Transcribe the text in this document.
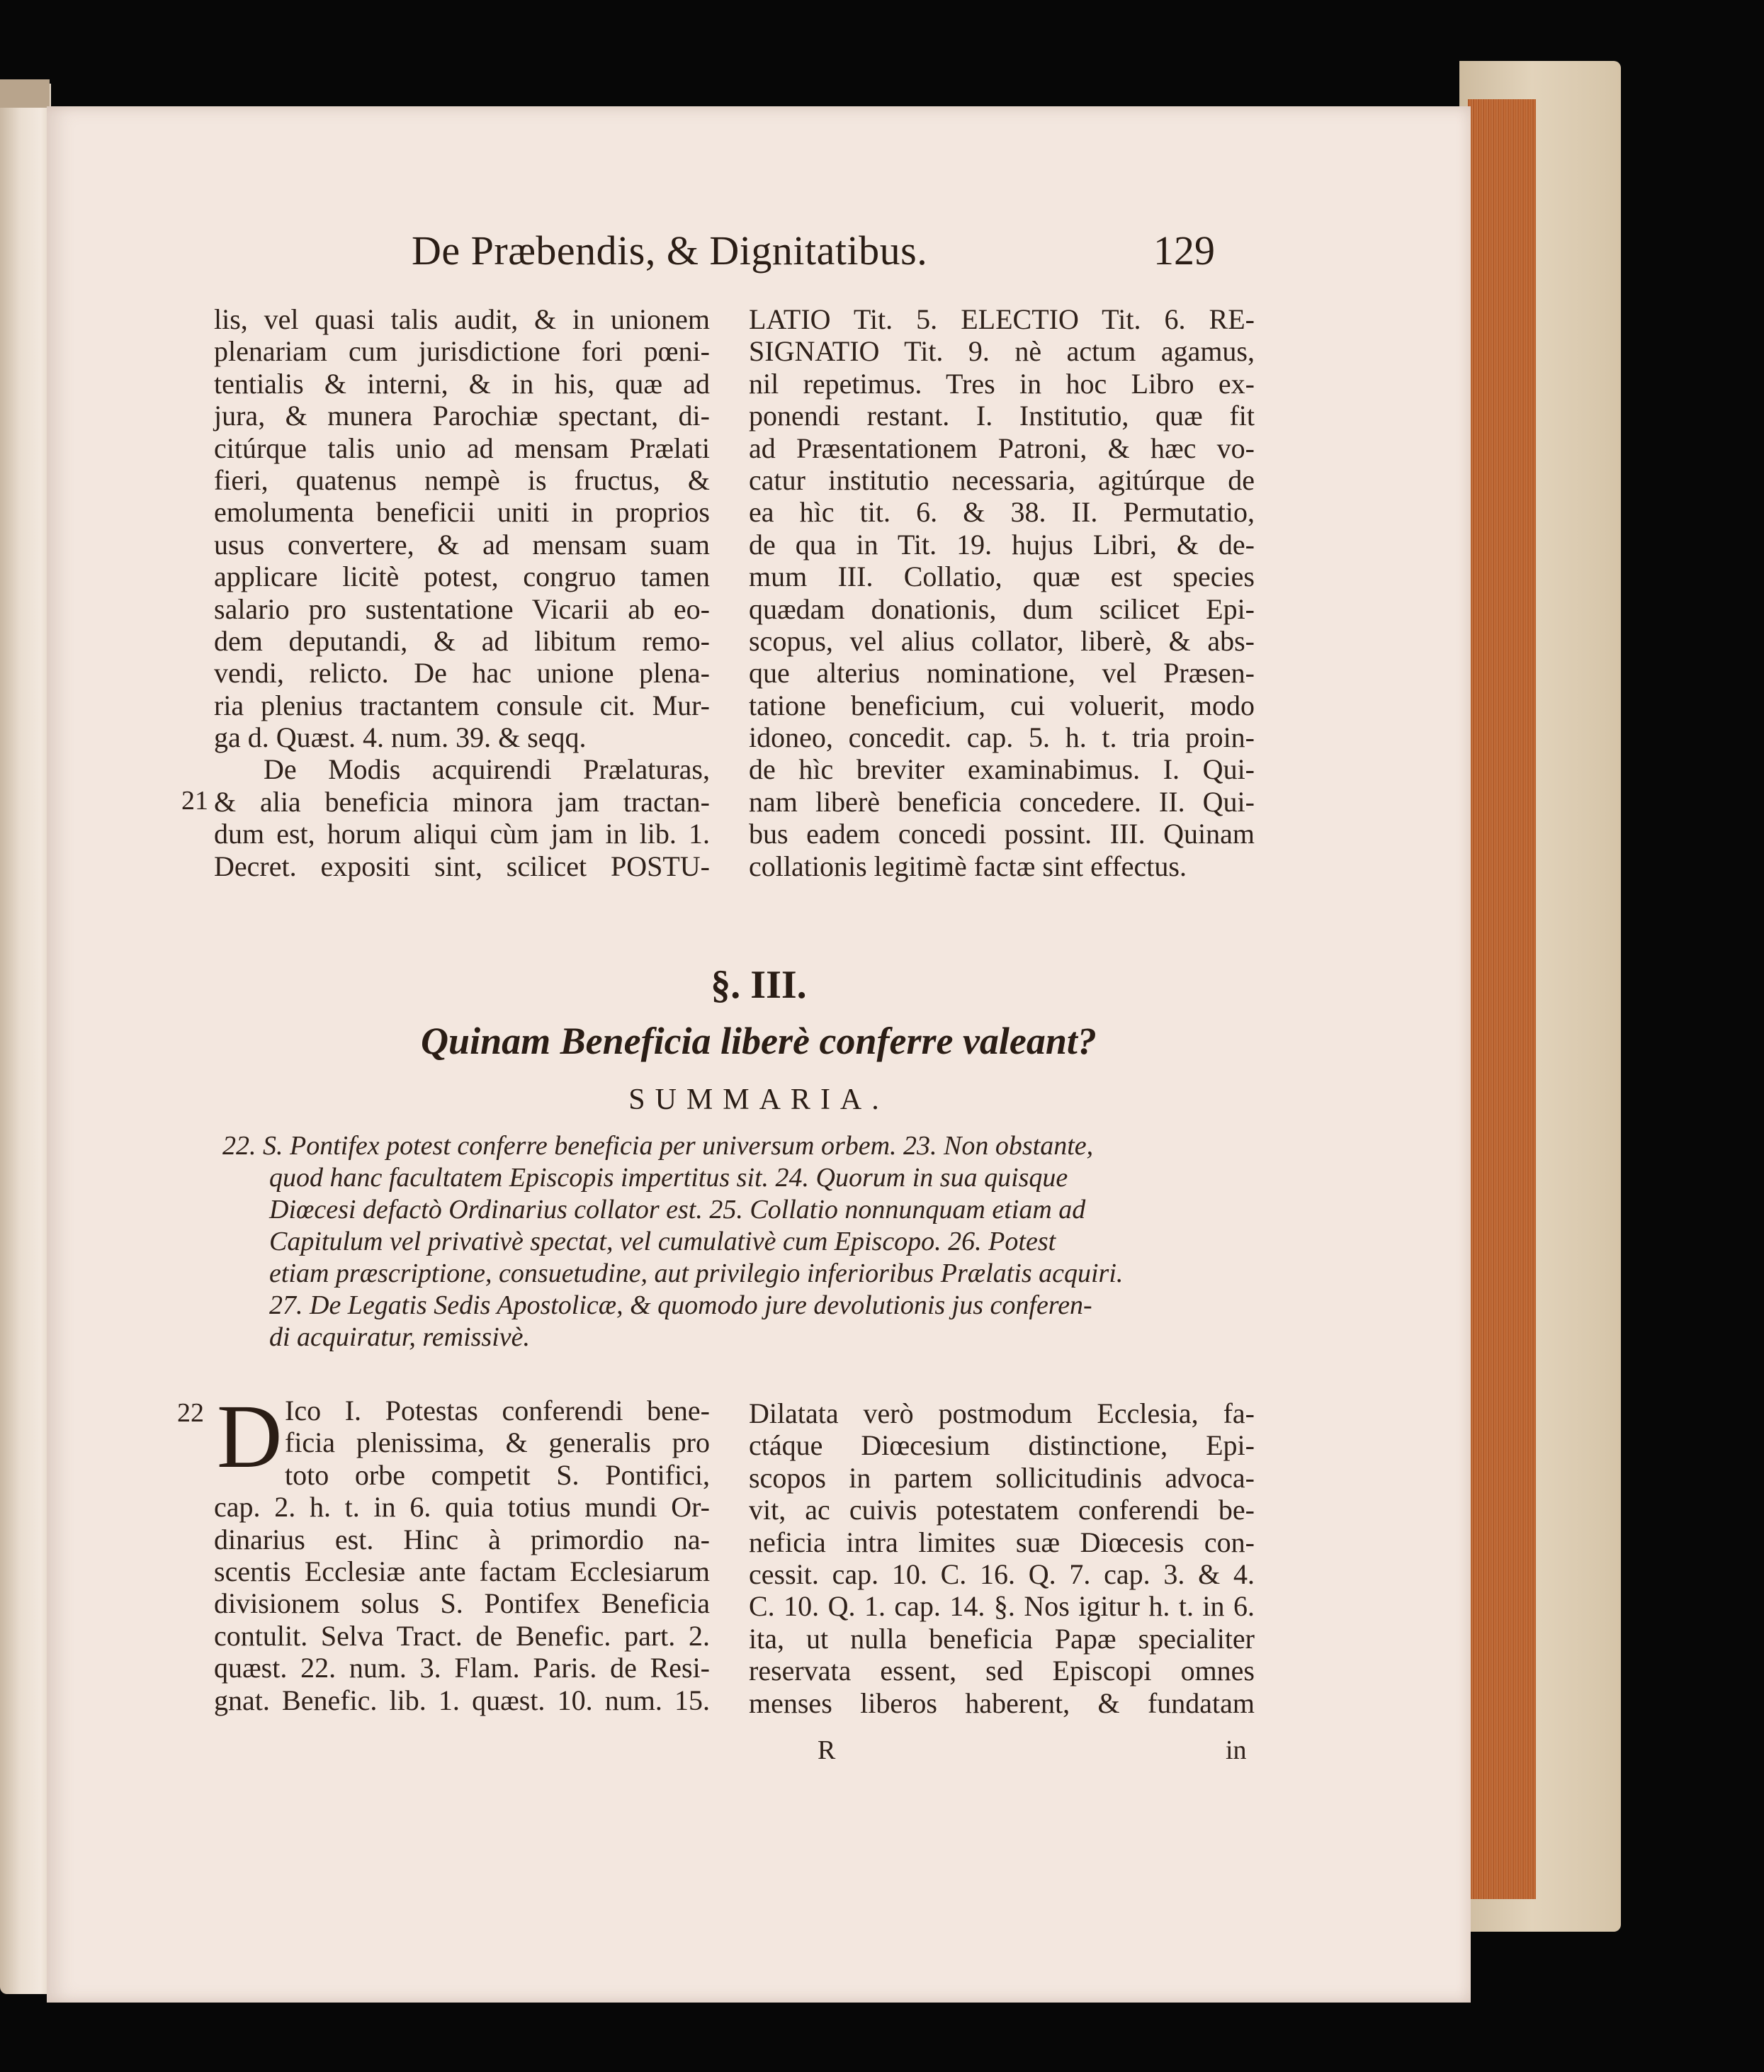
De Præbendis, & Dignitatibus.	129
lis, vel quasi talis audit, & in unionem
plenariam cum jurisdictione fori pœni-
tentialis & interni, & in his, quæ ad
jura, & munera Parochiæ spectant, di-
citúrque talis unio ad mensam Prælati
fieri, quatenus nempè is fructus, &
emolumenta beneficii uniti in proprios
usus convertere, & ad mensam suam
applicare licitè potest, congruo tamen
salario pro sustentatione Vicarii ab eo-
dem deputandi, & ad libitum remo-
vendi, relicto. De hac unione plena-
ria plenius tractantem consule cit. Mur-
ga d. Quæst. 4. num. 39. & seqq.
De Modis acquirendi Prælaturas,
& alia beneficia minora jam tractan-
dum est, horum aliqui cùm jam in lib. 1.
Decret. expositi sint, scilicet POSTU-
21
LATIO Tit. 5. ELECTIO Tit. 6. RE-
SIGNATIO Tit. 9. nè actum agamus,
nil repetimus. Tres in hoc Libro ex-
ponendi restant. I. Institutio, quæ fit
ad Præsentationem Patroni, & hæc vo-
catur institutio necessaria, agitúrque de
ea hìc tit. 6. & 38. II. Permutatio,
de qua in Tit. 19. hujus Libri, & de-
mum III. Collatio, quæ est species
quædam donationis, dum scilicet Epi-
scopus, vel alius collator, liberè, & abs-
que alterius nominatione, vel Præsen-
tatione beneficium, cui voluerit, modo
idoneo, concedit. cap. 5. h. t. tria proin-
de hìc breviter examinabimus. I. Qui-
nam liberè beneficia concedere. II. Qui-
bus eadem concedi possint. III. Quinam
collationis legitimè factæ sint effectus.
§. III.
Quinam Beneficia liberè conferre valeant?
SUMMARIA.
22. S. Pontifex potest conferre beneficia per universum orbem. 23. Non obstante,
quod hanc facultatem Episcopis impertitus sit. 24. Quorum in sua quisque
Diœcesi defactò Ordinarius collator est. 25. Collatio nonnunquam etiam ad
Capitulum vel privativè spectat, vel cumulativè cum Episcopo. 26. Potest
etiam præscriptione, consuetudine, aut privilegio inferioribus Prælatis acquiri.
27. De Legatis Sedis Apostolicæ, & quomodo jure devolutionis jus conferen-
di acquiratur, remissivè.
22 D Ico I. Potestas conferendi bene-
ficia plenissima, & generalis pro
toto orbe competit S. Pontifici,
cap. 2. h. t. in 6. quia totius mundi Or-
dinarius est. Hinc à primordio na-
scentis Ecclesiæ ante factam Ecclesiarum
divisionem solus S. Pontifex Beneficia
contulit. Selva Tract. de Benefic. part. 2.
quæst. 22. num. 3. Flam. Paris. de Resi-
gnat. Benefic. lib. 1. quæst. 10. num. 15.
Dilatata verò postmodum Ecclesia, fa-
ctáque Diœcesium distinctione, Epi-
scopos in partem sollicitudinis advoca-
vit, ac cuivis potestatem conferendi be-
neficia intra limites suæ Diœcesis con-
cessit. cap. 10. C. 16. Q. 7. cap. 3. & 4.
C. 10. Q. 1. cap. 14. §. Nos igitur h. t. in 6.
ita, ut nulla beneficia Papæ specialiter
reservata essent, sed Episcopi omnes
menses liberos haberent, & fundatam
R	in
